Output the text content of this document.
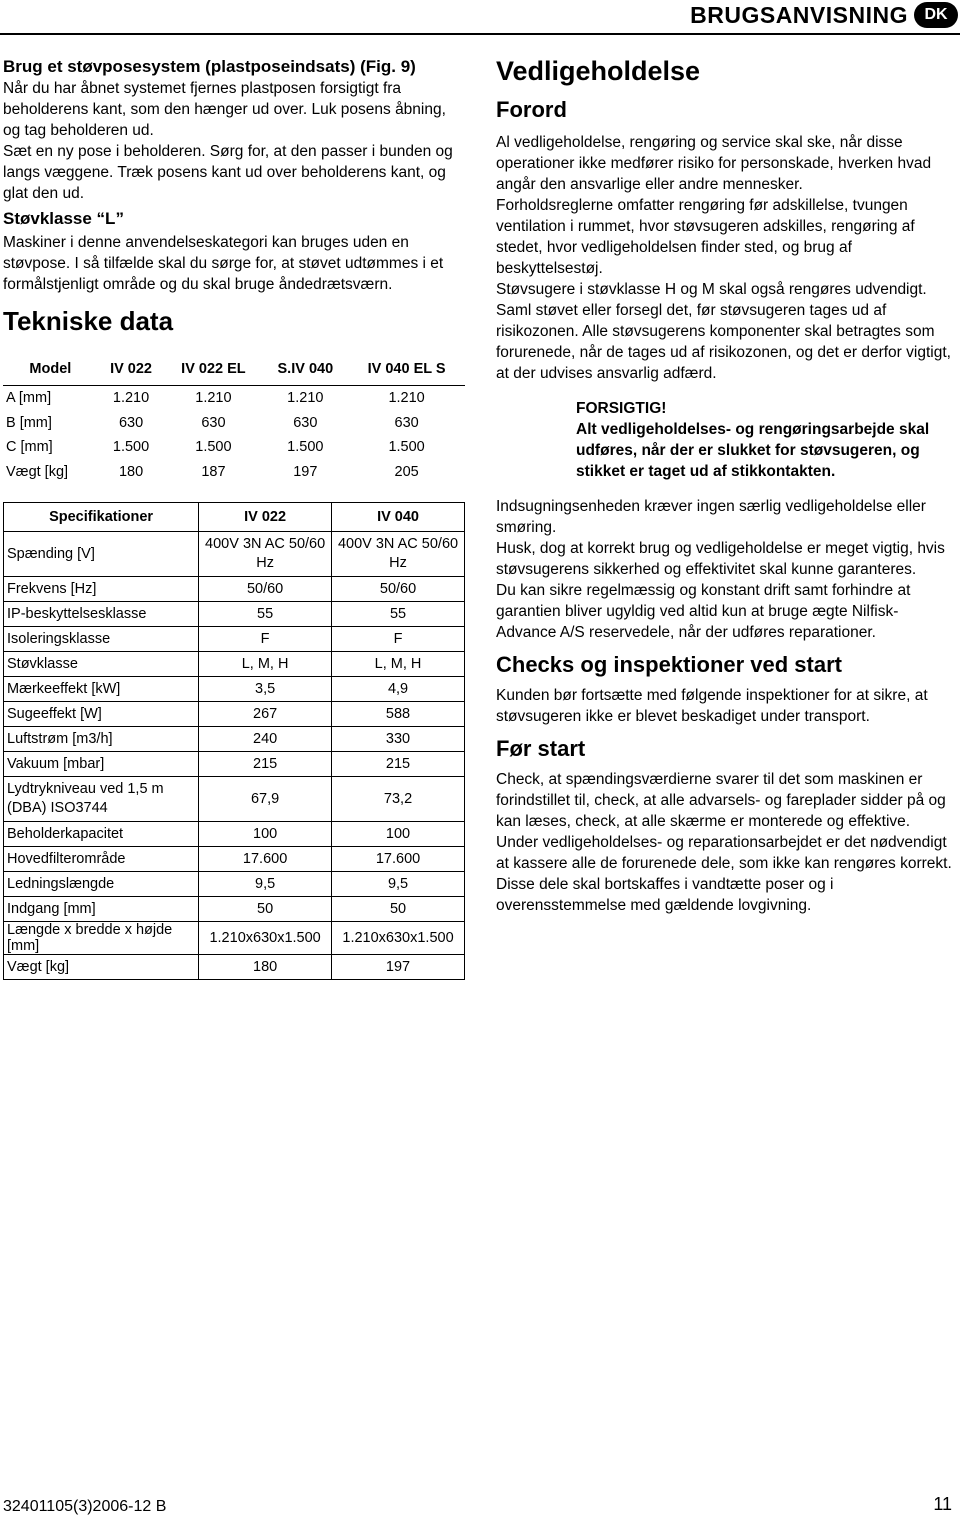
BRUGSANVISNING	DK

Brug et støvposesystem (plastposeindsats) (Fig. 9)

Når du har åbnet systemet fjernes plastposen forsigtigt fra beholderens kant, som den hænger ud over. Luk posens åbning, og tag beholderen ud.

Sæt en ny pose i beholderen. Sørg for, at den passer i bunden og langs væggene. Træk posens kant ud over beholderens kant, og glat den ud.

Støvklasse “L”

Maskiner i denne anvendelseskategori kan bruges uden en støvpose. I så tilfælde skal du sørge for, at støvet udtømmes i et formålstjenligt område og du skal bruge åndedrætsværn.

Tekniske data

Model	IV 022	IV 022 EL	S.IV 040	IV 040 EL S
A [mm]	1.210	1.210	1.210	1.210
B [mm]	630	630	630	630
C [mm]	1.500	1.500	1.500	1.500
Vægt [kg]	180	187	197	205
Specifikationer	IV 022	IV 040
Spænding [V]	400V 3N AC 50/60 Hz	400V 3N AC 50/60 Hz
Frekvens [Hz]	50/60	50/60
IP-beskyttelsesklasse	55	55
Isoleringsklasse	F	F
Støvklasse	L, M, H	L, M, H
Mærkeeffekt [kW]	3,5	4,9
Sugeeffekt [W]	267	588
Luftstrøm [m3/h]	240	330
Vakuum [mbar]	215	215
Lydtrykniveau ved 1,5 m (DBA) ISO3744	67,9	73,2
Beholderkapacitet	100	100
Hovedfilterområde	17.600	17.600
Ledningslængde	9,5	9,5
Indgang [mm]	50	50
Længde x bredde x højde [mm]	1.210x630x1.500	1.210x630x1.500
Vægt [kg]	180	197

Vedligeholdelse

Forord

Al vedligeholdelse, rengøring og service skal ske, når disse operationer ikke medfører risiko for personskade, hverken hvad angår den ansvarlige eller andre mennesker.

Forholdsreglerne omfatter rengøring før adskillelse, tvungen ventilation i rummet, hvor støvsugeren adskilles, rengøring af stedet, hvor vedligeholdelsen finder sted, og brug af beskyttelsestøj.

Støvsugere i støvklasse H og M skal også rengøres udvendigt. Saml støvet eller forsegl det, før støvsugeren tages ud af risikozonen. Alle støvsugerens komponenter skal betragtes som forurenede, når de tages ud af risikozonen, og det er derfor vigtigt, at der udvises ansvarlig adfærd.

FORSIGTIG!
Alt vedligeholdelses- og rengøringsarbejde skal udføres, når der er slukket for støvsugeren, og stikket er taget ud af stikkontakten.

Indsugningsenheden kræver ingen særlig vedligeholdelse eller smøring.

Husk, dog at korrekt brug og vedligeholdelse er meget vigtig, hvis støvsugerens sikkerhed og effektivitet skal kunne garanteres.

Du kan sikre regelmæssig og konstant drift samt forhindre at garantien bliver ugyldig ved altid kun at bruge ægte Nilfisk-Advance A/S reservedele, når der udføres reparationer.

Checks og inspektioner ved start

Kunden bør fortsætte med følgende inspektioner for at sikre, at støvsugeren ikke er blevet beskadiget under transport.

Før start

Check, at spændingsværdierne svarer til det som maskinen er forindstillet til, check, at alle advarsels- og fareplader sidder på og kan læses, check, at alle skærme er monterede og effektive.

Under vedligeholdelses- og reparationsarbejdet er det nødvendigt at kassere alle de forurenede dele, som ikke kan rengøres korrekt.

Disse dele skal bortskaffes i vandtætte poser og i overensstemmelse med gældende lovgivning.

32401105(3)2006-12 B	11
